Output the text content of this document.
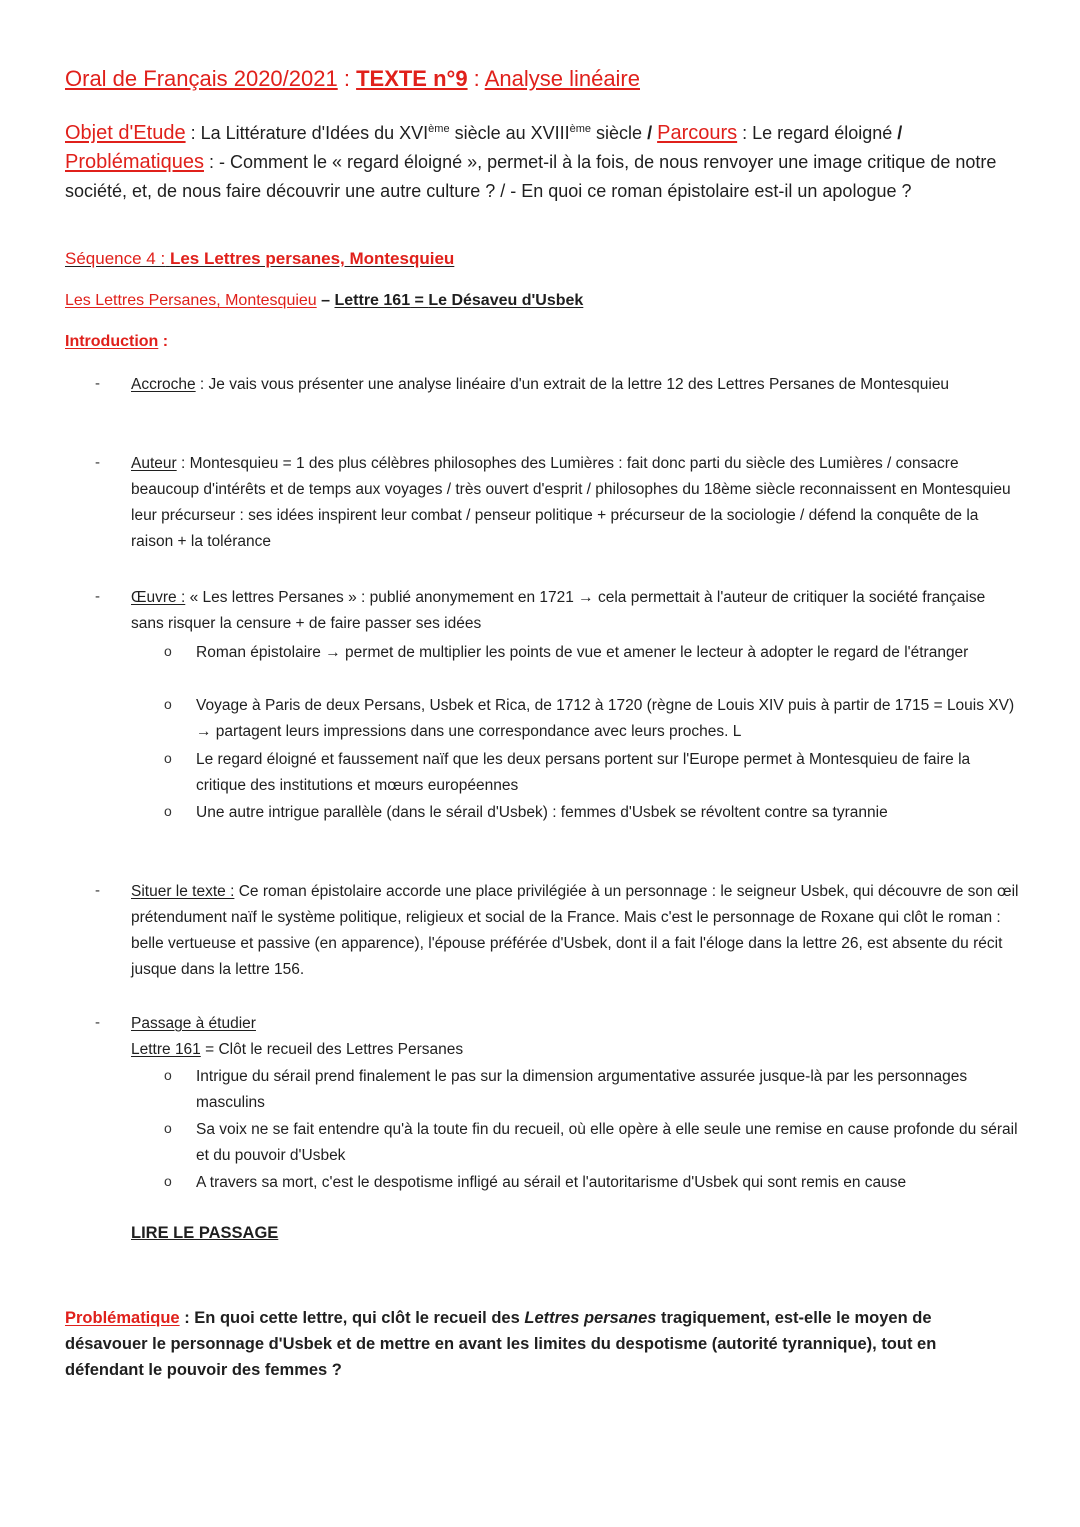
Oral de Français 2020/2021 : TEXTE n°9 : Analyse linéaire
Objet d'Etude : La Littérature d'Idées du XVIème siècle au XVIIIème siècle / Parcours : Le regard éloigné /
Problématiques : - Comment le « regard éloigné », permet-il à la fois, de nous renvoyer une image critique de notre société, et, de nous faire découvrir une autre culture ? / - En quoi ce roman épistolaire est-il un apologue ?
Séquence 4 : Les Lettres persanes, Montesquieu
Les Lettres Persanes, Montesquieu – Lettre 161 = Le Désaveu d'Usbek
Introduction :
- Accroche : Je vais vous présenter une analyse linéaire d'un extrait de la lettre 12 des Lettres Persanes de Montesquieu
- Auteur : Montesquieu = 1 des plus célèbres philosophes des Lumières : fait donc parti du siècle des Lumières / consacre beaucoup d'intérêts et de temps aux voyages / très ouvert d'esprit / philosophes du 18ème siècle reconnaissent en Montesquieu leur précurseur : ses idées inspirent leur combat / penseur politique + précurseur de la sociologie / défend la conquête de la raison + la tolérance
- Œuvre : « Les lettres Persanes » : publié anonymement en 1721 → cela permettait à l'auteur de critiquer la société française sans risquer la censure + de faire passer ses idées
o Roman épistolaire → permet de multiplier les points de vue et amener le lecteur à adopter le regard de l'étranger
o Voyage à Paris de deux Persans, Usbek et Rica, de 1712 à 1720 (règne de Louis XIV puis à partir de 1715 = Louis XV) → partagent leurs impressions dans une correspondance avec leurs proches. L
o Le regard éloigné et faussement naïf que les deux persans portent sur l'Europe permet à Montesquieu de faire la critique des institutions et mœurs européennes
o Une autre intrigue parallèle (dans le sérail d'Usbek) : femmes d'Usbek se révoltent contre sa tyrannie
- Situer le texte : Ce roman épistolaire accorde une place privilégiée à un personnage : le seigneur Usbek, qui découvre de son œil prétendument naïf le système politique, religieux et social de la France. Mais c'est le personnage de Roxane qui clôt le roman : belle vertueuse et passive (en apparence), l'épouse préférée d'Usbek, dont il a fait l'éloge dans la lettre 26, est absente du récit jusque dans la lettre 156.
- Passage à étudier
Lettre 161 = Clôt le recueil des Lettres Persanes
o Intrigue du sérail prend finalement le pas sur la dimension argumentative assurée jusque-là par les personnages masculins
o Sa voix ne se fait entendre qu'à la toute fin du recueil, où elle opère à elle seule une remise en cause profonde du sérail et du pouvoir d'Usbek
o A travers sa mort, c'est le despotisme infligé au sérail et l'autoritarisme d'Usbek qui sont remis en cause
LIRE LE PASSAGE
Problématique : En quoi cette lettre, qui clôt le recueil des Lettres persanes tragiquement, est-elle le moyen de désavouer le personnage d'Usbek et de mettre en avant les limites du despotisme (autorité tyrannique), tout en défendant le pouvoir des femmes ?
